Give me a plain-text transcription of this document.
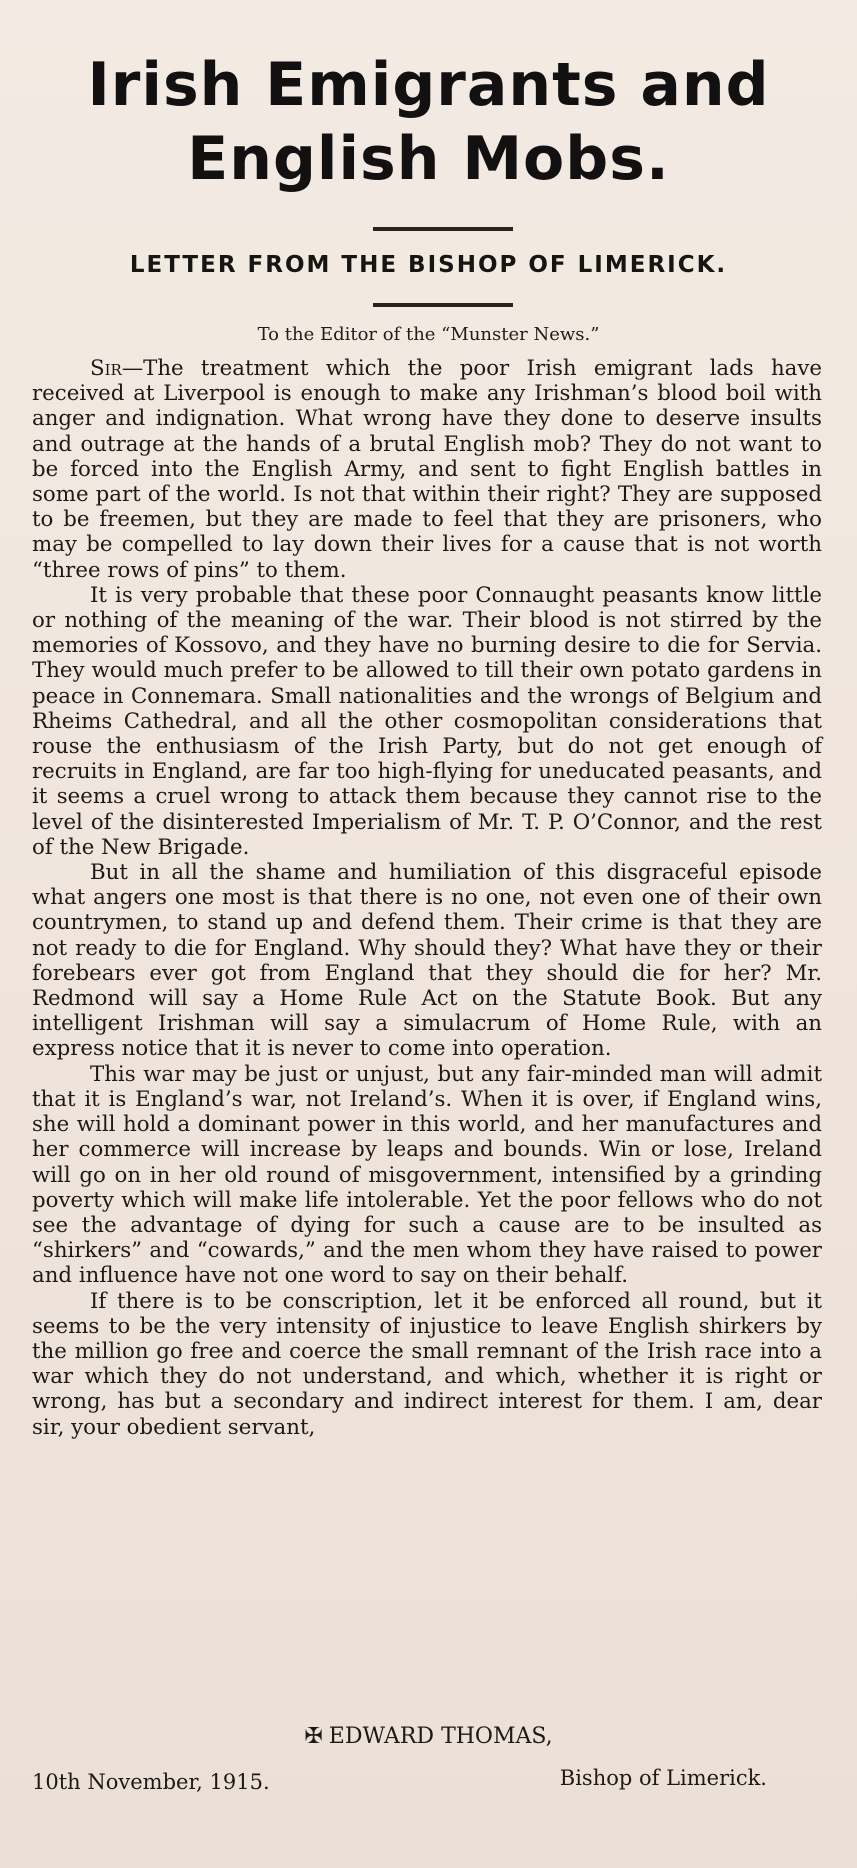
Irish Emigrants and
English Mobs.
LETTER FROM THE BISHOP OF LIMERICK.
To the Editor of the “Munster News.”

Sir—The treatment which the poor Irish emigrant lads have received at Liverpool is enough to make any Irishman’s blood boil with anger and indignation. What wrong have they done to deserve insults and outrage at the hands of a brutal English mob? They do not want to be forced into the English Army, and sent to fight English battles in some part of the world. Is not that within their right? They are supposed to be freemen, but they are made to feel that they are prisoners, who may be compelled to lay down their lives for a cause that is not worth “three rows of pins” to them.

It is very probable that these poor Connaught peasants know little or nothing of the meaning of the war. Their blood is not stirred by the memories of Kossovo, and they have no burning desire to die for Servia. They would much prefer to be allowed to till their own potato gardens in peace in Connemara. Small nationalities and the wrongs of Belgium and Rheims Cathedral, and all the other cosmopolitan considerations that rouse the enthusiasm of the Irish Party, but do not get enough of recruits in England, are far too high-flying for uneducated peasants, and it seems a cruel wrong to attack them because they cannot rise to the level of the disinterested Imperialism of Mr. T. P. O’Connor, and the rest of the New Brigade.

But in all the shame and humiliation of this disgraceful episode what angers one most is that there is no one, not even one of their own countrymen, to stand up and defend them. Their crime is that they are not ready to die for England. Why should they? What have they or their forebears ever got from England that they should die for her? Mr. Redmond will say a Home Rule Act on the Statute Book. But any intelligent Irishman will say a simulacrum of Home Rule, with an express notice that it is never to come into operation.

This war may be just or unjust, but any fair-minded man will admit that it is England’s war, not Ireland’s. When it is over, if England wins, she will hold a dominant power in this world, and her manufactures and her commerce will increase by leaps and bounds. Win or lose, Ireland will go on in her old round of misgovernment, intensified by a grinding poverty which will make life intolerable. Yet the poor fellows who do not see the advantage of dying for such a cause are to be insulted as “shirkers” and “cowards,” and the men whom they have raised to power and influence have not one word to say on their behalf.

If there is to be conscription, let it be enforced all round, but it seems to be the very intensity of injustice to leave English shirkers by the million go free and coerce the small remnant of the Irish race into a war which they do not understand, and which, whether it is right or wrong, has but a secondary and indirect interest for them. I am, dear sir, your obedient servant,

✠ EDWARD THOMAS,
10th November, 1915.	Bishop of Limerick.
